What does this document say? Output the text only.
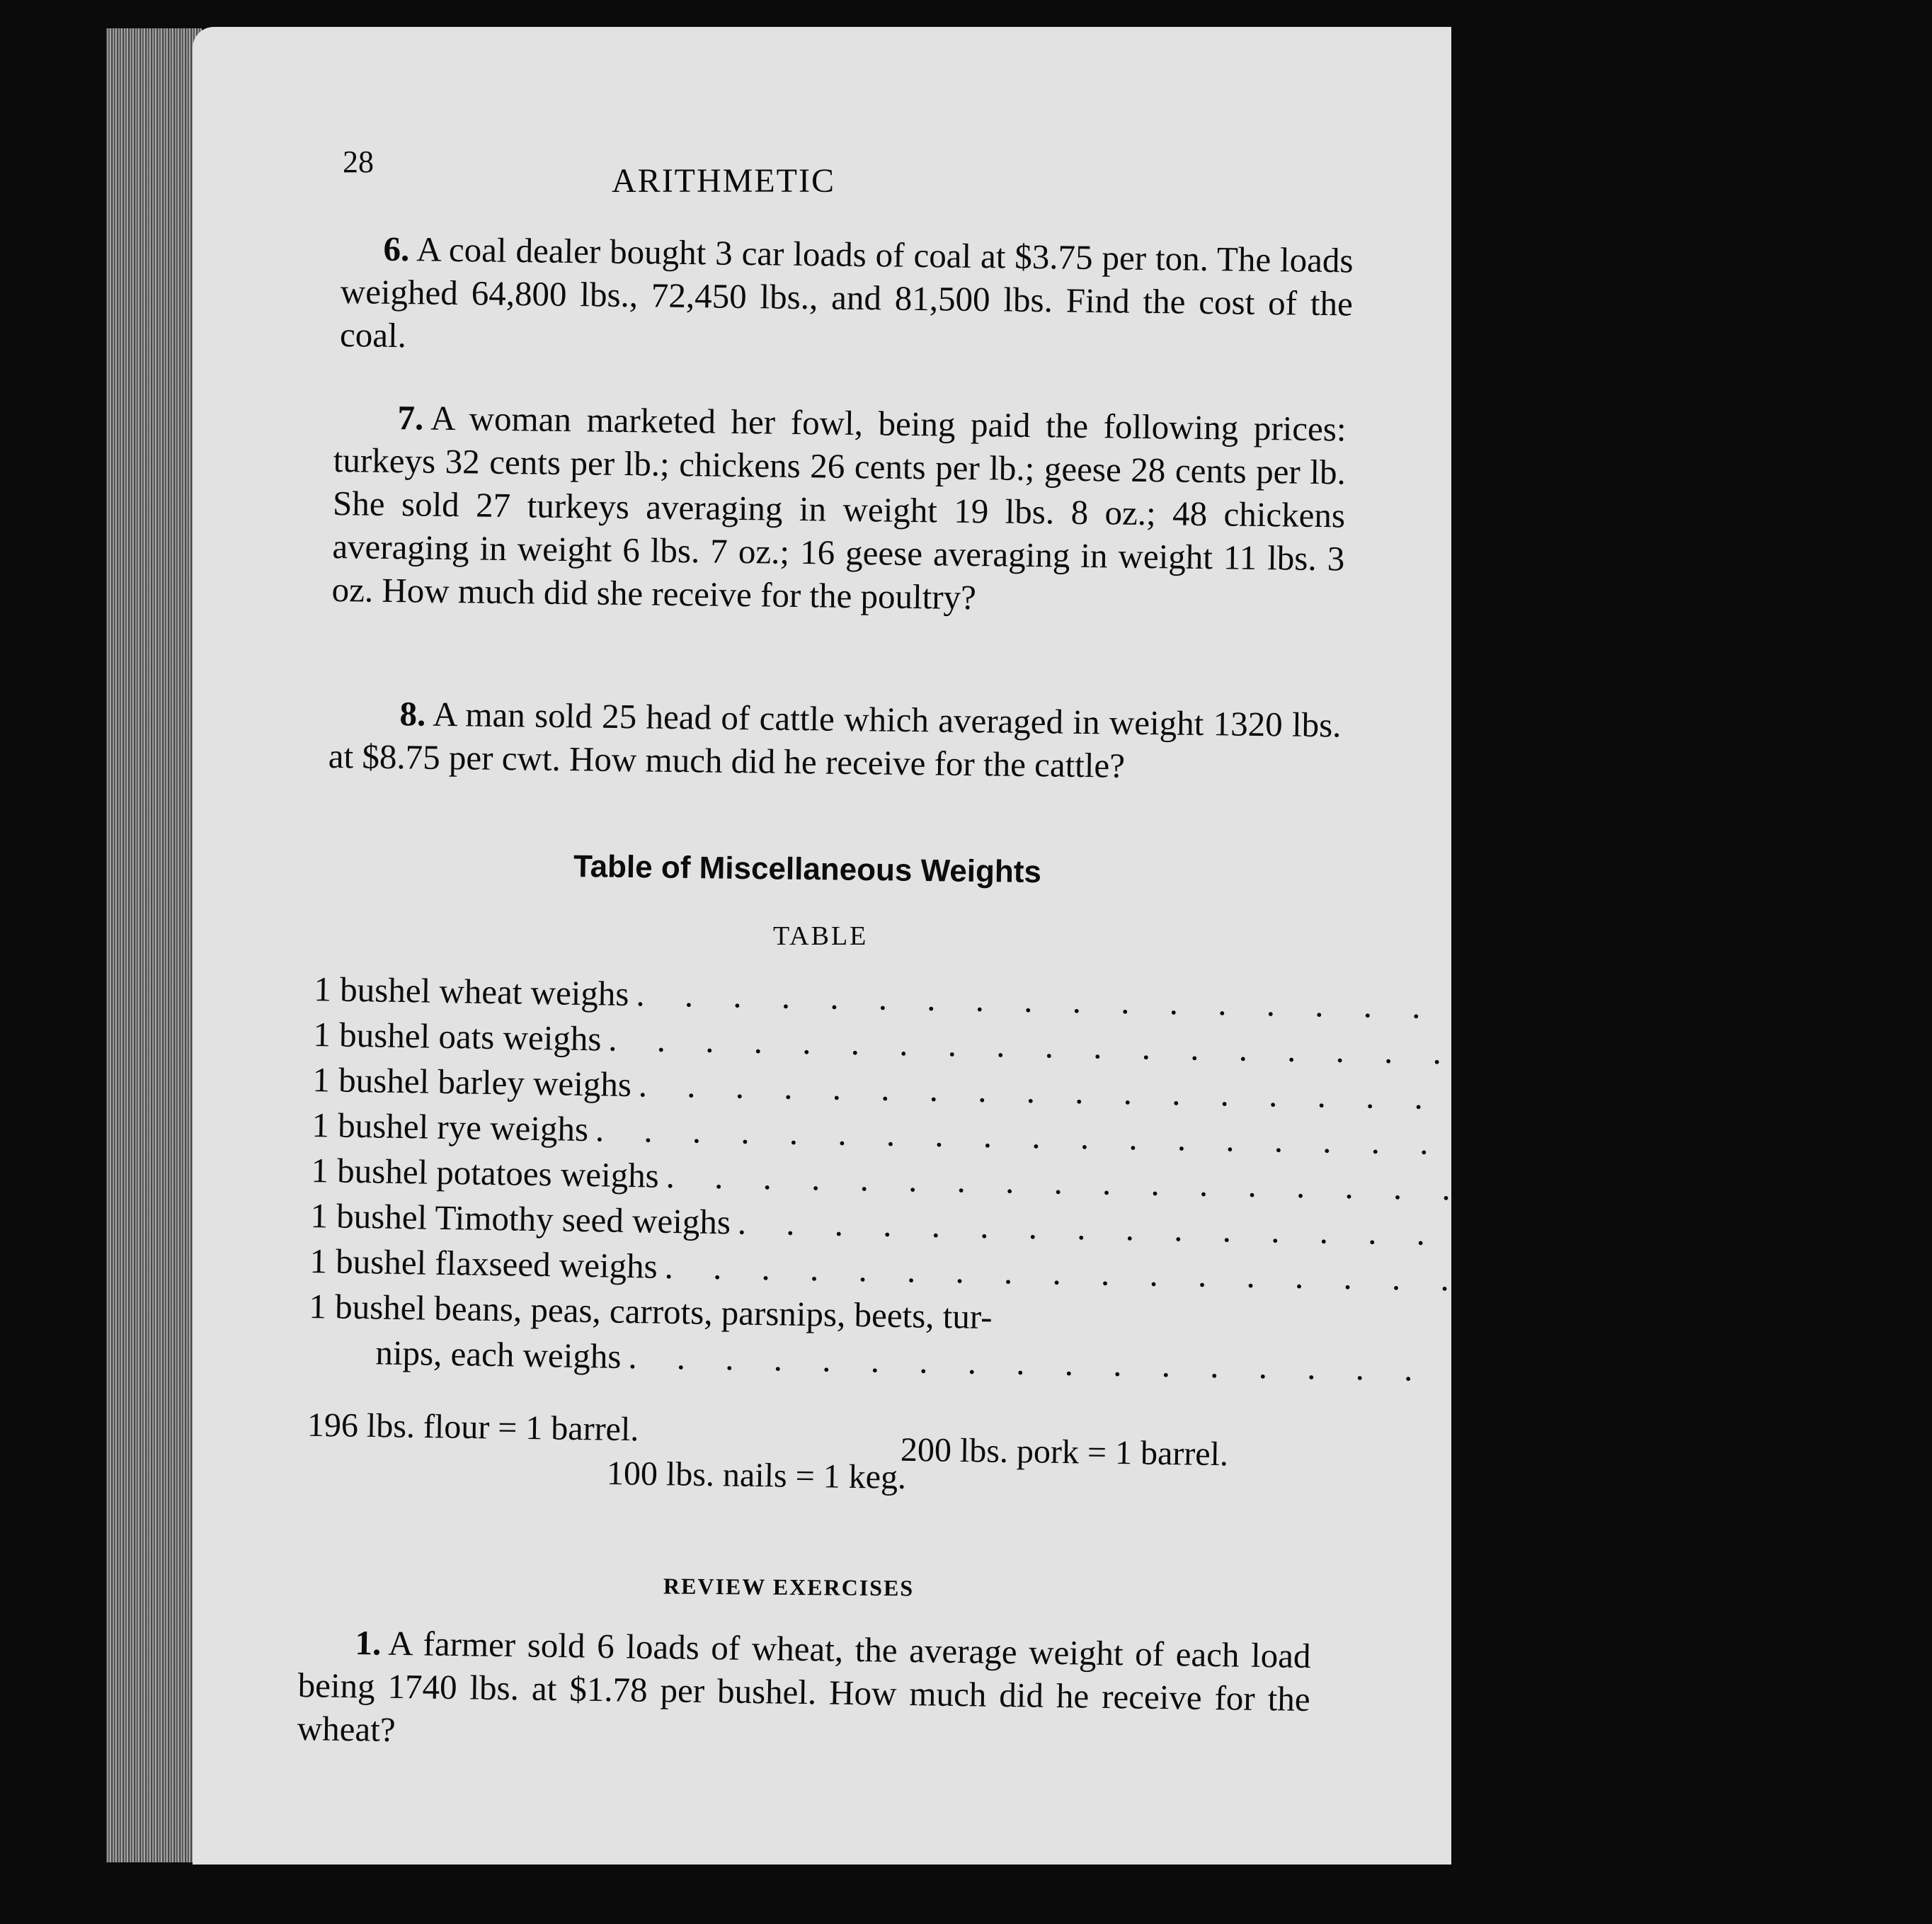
28
ARITHMETIC

6. A coal dealer bought 3 car loads of coal at $3.75 per ton. The loads weighed 64,800 lbs., 72,450 lbs., and 81,500 lbs. Find the cost of the coal.

7. A woman marketed her fowl, being paid the following prices: turkeys 32 cents per lb.; chickens 26 cents per lb.; geese 28 cents per lb. She sold 27 turkeys averaging in weight 19 lbs. 8 oz.; 48 chickens averaging in weight 6 lbs. 7 oz.; 16 geese averaging in weight 11 lbs. 3 oz. How much did she receive for the poultry?

8. A man sold 25 head of cattle which averaged in weight 1320 lbs. at $8.75 per cwt. How much did he receive for the cattle?

Table of Miscellaneous Weights
TABLE
1 bushel wheat weighs . . . . . . . . . . . . . . . . . . . . . . . 60 lbs.
1 bushel oats weighs . . . . . . . . . . . . . . . . . . . . . . . 34 lbs.
1 bushel barley weighs . . . . . . . . . . . . . . . . . . . . . . . 48 lbs.
1 bushel rye weighs . . . . . . . . . . . . . . . . . . . . . . . 56 lbs.
1 bushel potatoes weighs . . . . . . . . . . . . . . . . . . . . . . . 60 lbs.
1 bushel Timothy seed weighs . . . . . . . . . . . . . . . . . . . . . . . 48 lbs.
1 bushel flaxseed weighs . . . . . . . . . . . . . . . . . . . . . . . 56 lbs.
1 bushel beans, peas, carrots, parsnips, beets, tur-
nips, each weighs . . . . . . . . . . . . . . . . . . . . . . . 60 lbs.
196 lbs. flour = 1 barrel.
200 lbs. pork = 1 barrel.
100 lbs. nails = 1 keg.
REVIEW EXERCISES

1. A farmer sold 6 loads of wheat, the average weight of each load being 1740 lbs. at $1.78 per bushel. How much did he receive for the wheat?
